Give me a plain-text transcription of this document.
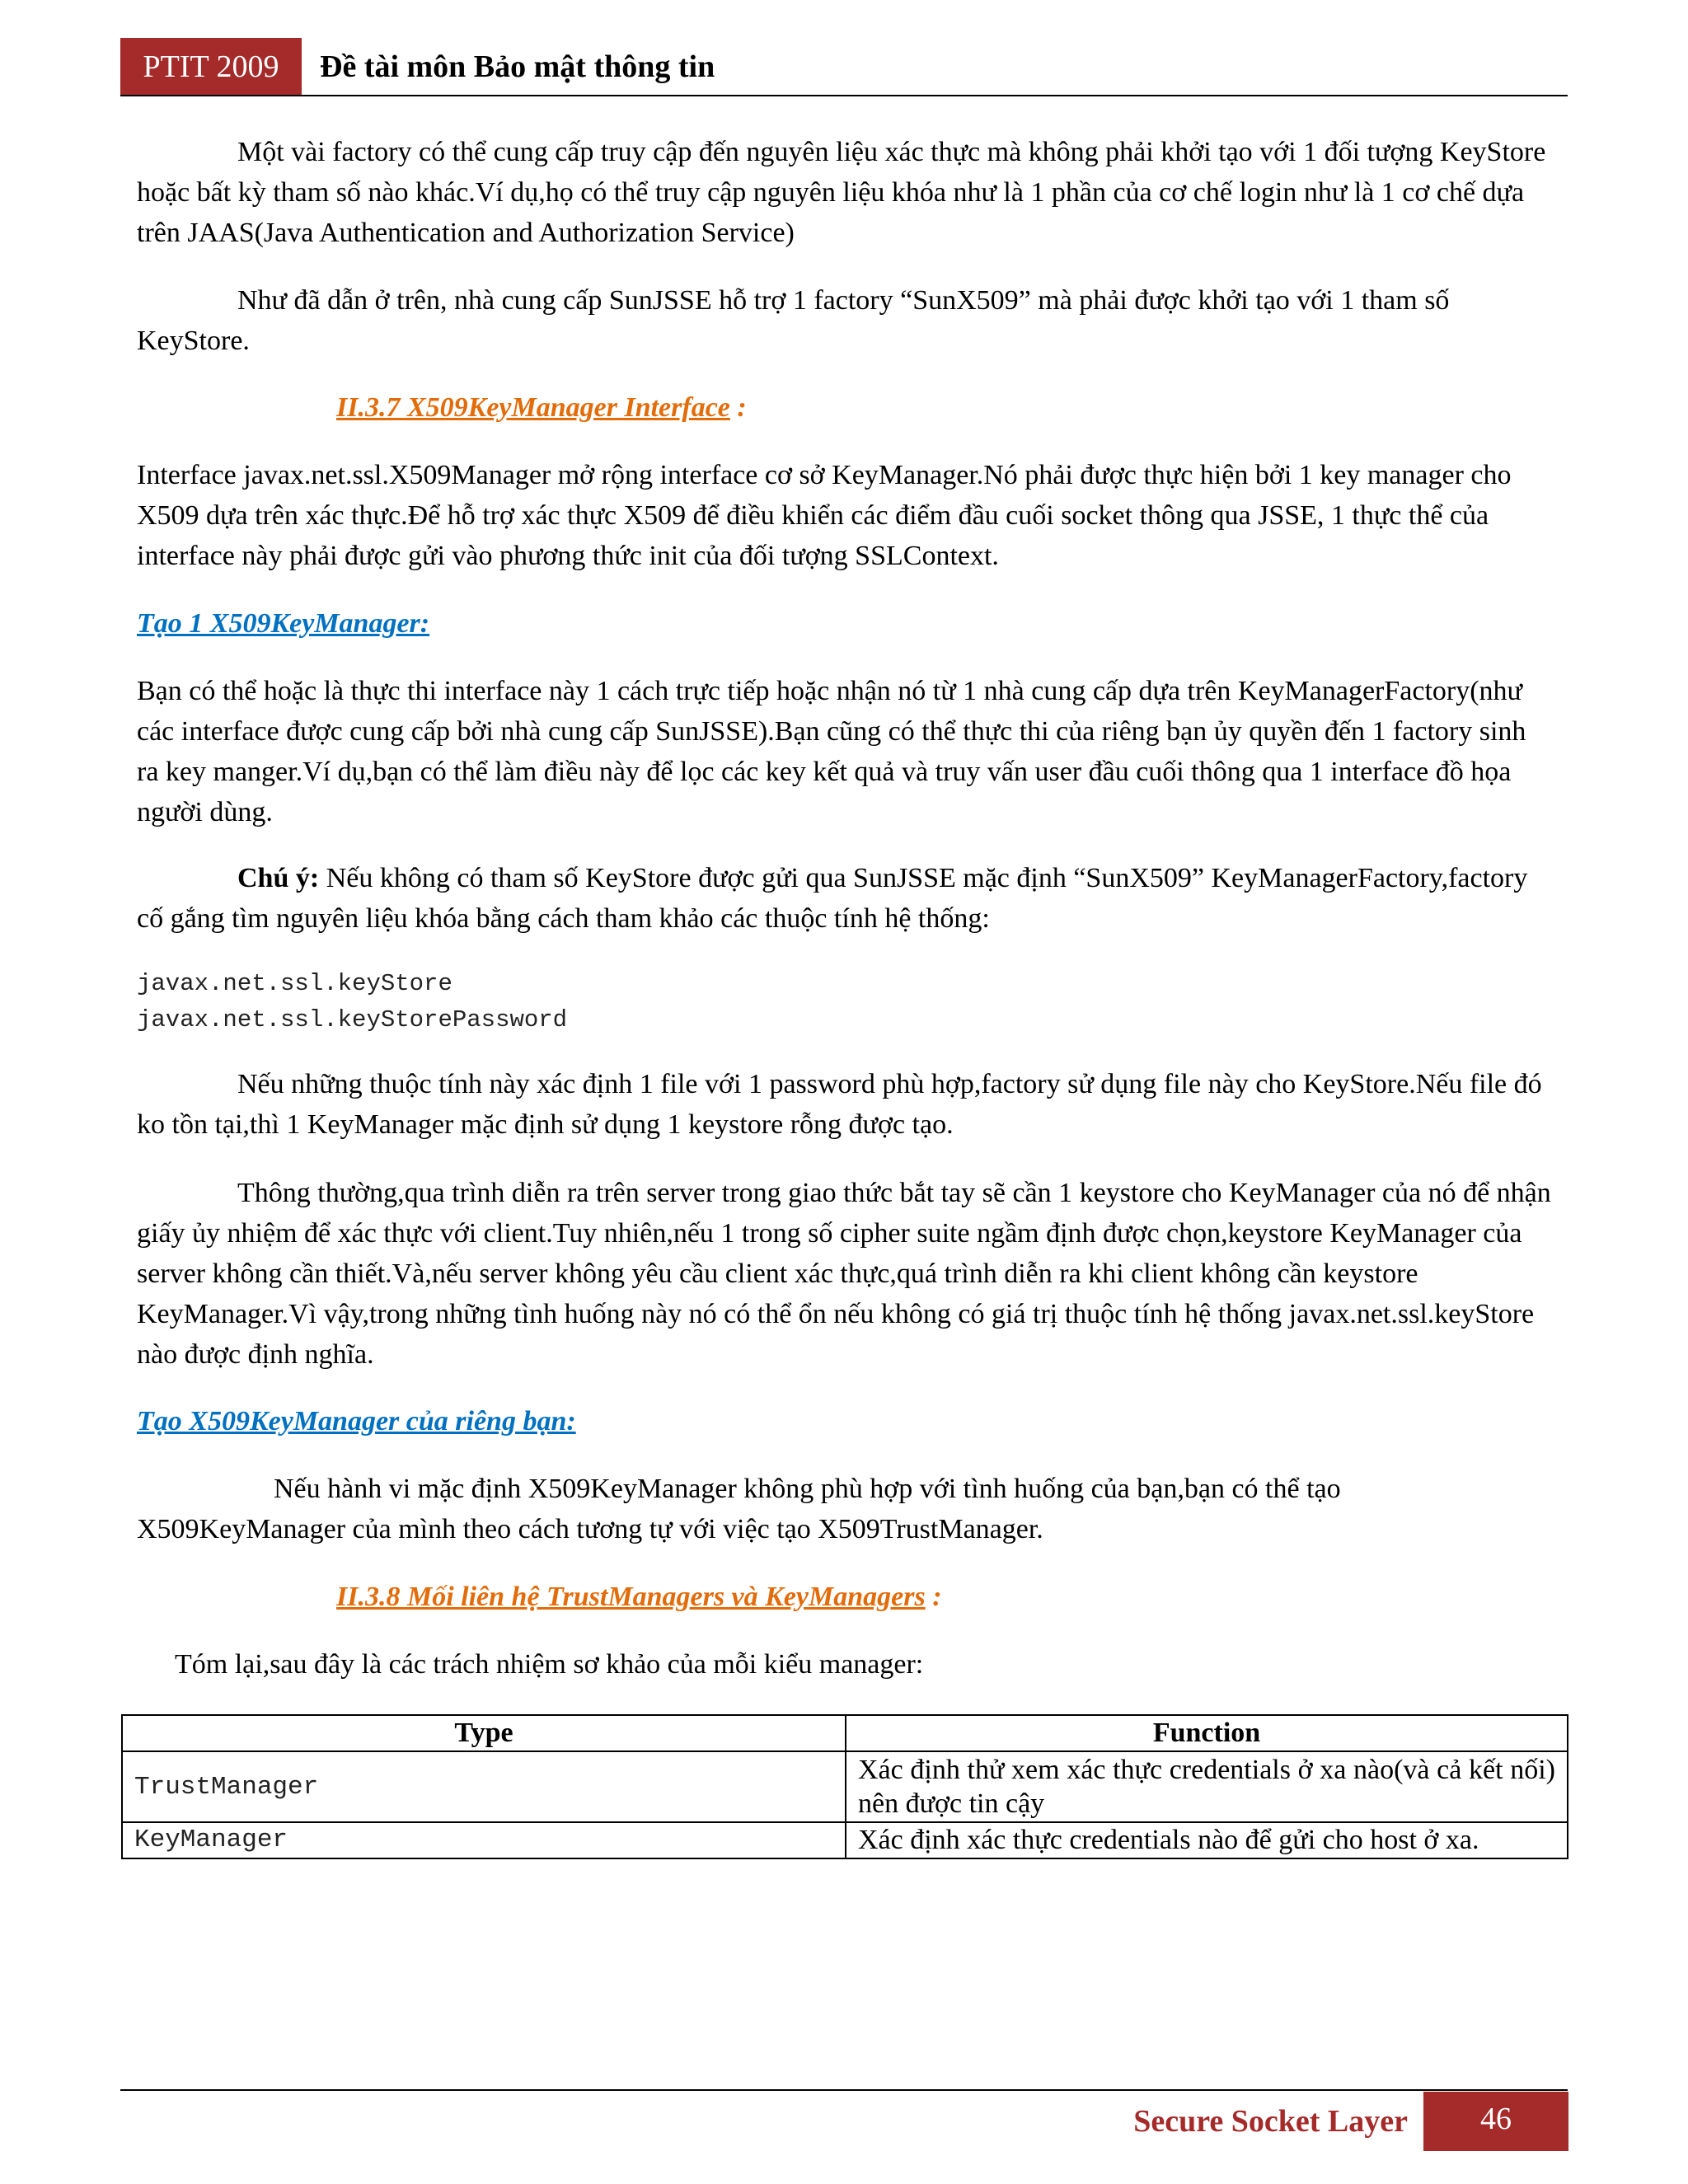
PTIT 2009	Đề tài môn Bảo mật thông tin

Một vài factory có thể cung cấp truy cập đến nguyên liệu xác thực mà không phải khởi tạo với 1 đối tượng KeyStore hoặc bất kỳ tham số nào khác.Ví dụ,họ có thể truy cập nguyên liệu khóa như là 1 phần của cơ chế login như là 1 cơ chế dựa trên JAAS(Java Authentication and Authorization Service)

Như đã dẫn ở trên, nhà cung cấp SunJSSE hỗ trợ 1 factory “SunX509” mà phải được khởi tạo với 1 tham số KeyStore.

II.3.7 X509KeyManager Interface :

Interface javax.net.ssl.X509Manager mở rộng interface cơ sở KeyManager.Nó phải được thực hiện bởi 1 key manager cho X509 dựa trên xác thực.Để hỗ trợ xác thực X509 để điều khiển các điểm đầu cuối socket thông qua JSSE, 1 thực thể của interface này phải được gửi vào phương thức init của đối tượng SSLContext.

Tạo 1 X509KeyManager:

Bạn có thể hoặc là thực thi interface này 1 cách trực tiếp hoặc nhận nó từ 1 nhà cung cấp dựa trên KeyManagerFactory(như các interface được cung cấp bởi nhà cung cấp SunJSSE).Bạn cũng có thể thực thi của riêng bạn ủy quyền đến 1 factory sinh ra key manger.Ví dụ,bạn có thể làm điều này để lọc các key kết quả và truy vấn user đầu cuối thông qua 1 interface đồ họa người dùng.

Chú ý: Nếu không có tham số KeyStore được gửi qua SunJSSE mặc định “SunX509” KeyManagerFactory,factory cố gắng tìm nguyên liệu khóa bằng cách tham khảo các thuộc tính hệ thống:

javax.net.ssl.keyStore
javax.net.ssl.keyStorePassword

Nếu những thuộc tính này xác định 1 file với 1 password phù hợp,factory sử dụng file này cho KeyStore.Nếu file đó ko tồn tại,thì 1 KeyManager mặc định sử dụng 1 keystore rỗng được tạo.

Thông thường,qua trình diễn ra trên server trong giao thức bắt tay sẽ cần 1 keystore cho KeyManager của nó để nhận giấy ủy nhiệm để xác thực với client.Tuy nhiên,nếu 1 trong số cipher suite ngầm định được chọn,keystore KeyManager của server không cần thiết.Và,nếu server không yêu cầu client xác thực,quá trình diễn ra khi client không cần keystore KeyManager.Vì vậy,trong những tình huống này nó có thể ổn nếu không có giá trị thuộc tính hệ thống javax.net.ssl.keyStore nào được định nghĩa.

Tạo X509KeyManager của riêng bạn:

Nếu hành vi mặc định X509KeyManager không phù hợp với tình huống của bạn,bạn có thể tạo X509KeyManager của mình theo cách tương tự với việc tạo X509TrustManager.

II.3.8 Mối liên hệ TrustManagers và KeyManagers :

Tóm lại,sau đây là các trách nhiệm sơ khảo của mỗi kiểu manager:

Type	Function
TrustManager	Xác định thử xem xác thực credentials ở xa nào(và cả kết nối) nên được tin cậy
KeyManager	Xác định xác thực credentials nào để gửi cho host ở xa.
Secure Socket Layer	46
